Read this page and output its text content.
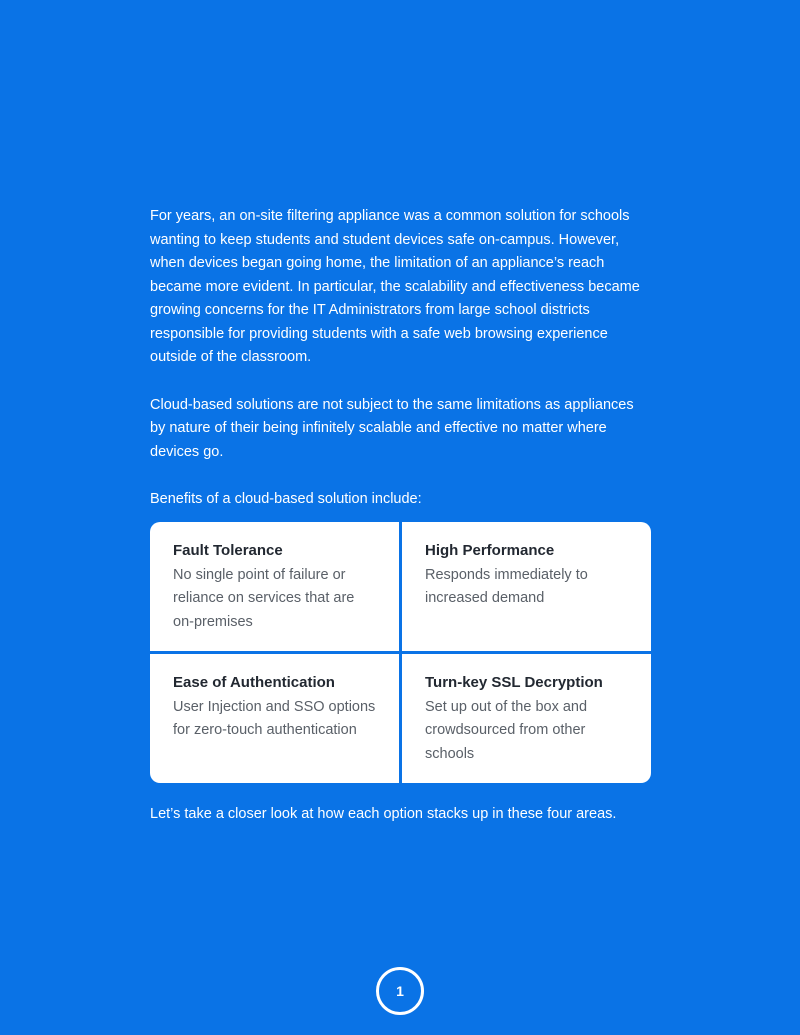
For years, an on-site filtering appliance was a common solution for schools wanting to keep students and student devices safe on-campus. However, when devices began going home, the limitation of an appliance’s reach became more evident. In particular, the scalability and effectiveness became growing concerns for the IT Administrators from large school districts responsible for providing students with a safe web browsing experience outside of the classroom.

Cloud-based solutions are not subject to the same limitations as appliances by nature of their being infinitely scalable and effective no matter where devices go.

Benefits of a cloud-based solution include:

Fault Tolerance
No single point of failure or reliance on services that are on-premises
High Performance
Responds immediately to increased demand
Ease of Authentication
User Injection and SSO options for zero-touch authentication
Turn-key SSL Decryption
Set up out of the box and crowdsourced from other schools

Let’s take a closer look at how each option stacks up in these four areas.

1
